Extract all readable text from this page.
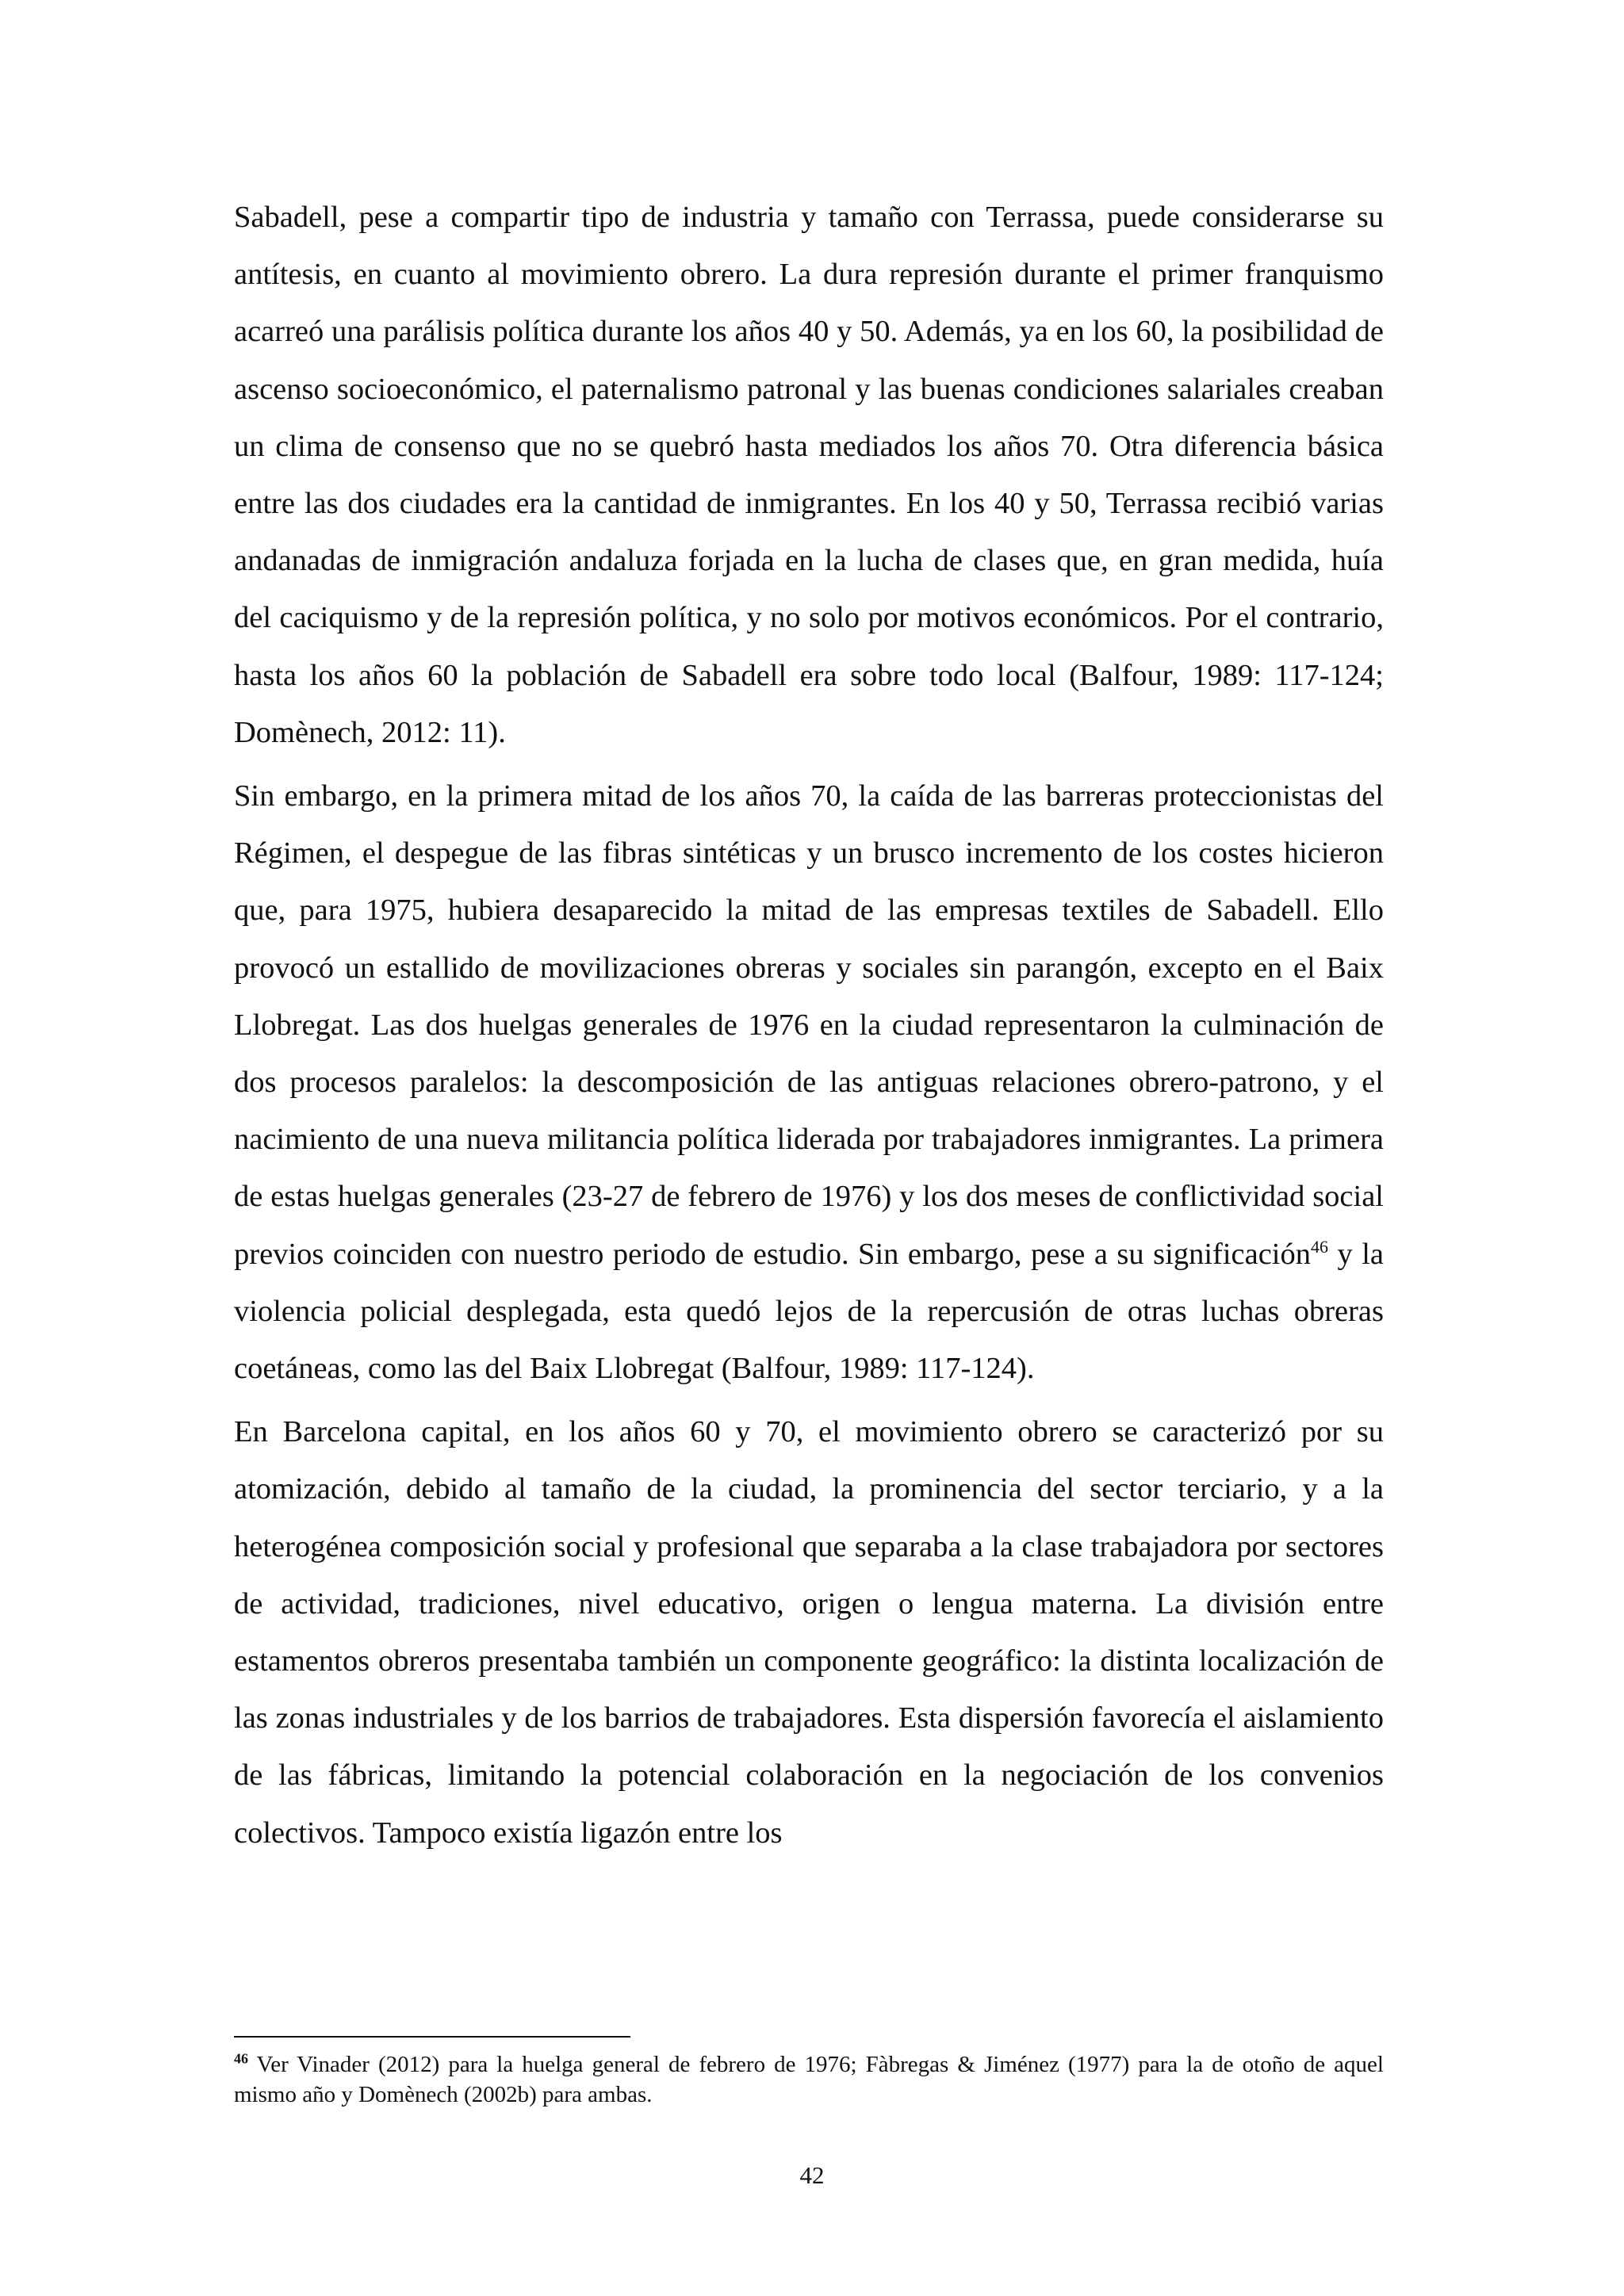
Sabadell, pese a compartir tipo de industria y tamaño con Terrassa, puede considerarse su antítesis, en cuanto al movimiento obrero. La dura represión durante el primer franquismo acarreó una parálisis política durante los años 40 y 50. Además, ya en los 60, la posibilidad de ascenso socioeconómico, el paternalismo patronal y las buenas condiciones salariales creaban un clima de consenso que no se quebró hasta mediados los años 70. Otra diferencia básica entre las dos ciudades era la cantidad de inmigrantes. En los 40 y 50, Terrassa recibió varias andanadas de inmigración andaluza forjada en la lucha de clases que, en gran medida, huía del caciquismo y de la represión política, y no solo por motivos económicos. Por el contrario, hasta los años 60 la población de Sabadell era sobre todo local (Balfour, 1989: 117-124; Domènech, 2012: 11).

Sin embargo, en la primera mitad de los años 70, la caída de las barreras proteccionistas del Régimen, el despegue de las fibras sintéticas y un brusco incremento de los costes hicieron que, para 1975, hubiera desaparecido la mitad de las empresas textiles de Sabadell. Ello provocó un estallido de movilizaciones obreras y sociales sin parangón, excepto en el Baix Llobregat. Las dos huelgas generales de 1976 en la ciudad representaron la culminación de dos procesos paralelos: la descomposición de las antiguas relaciones obrero-patrono, y el nacimiento de una nueva militancia política liderada por trabajadores inmigrantes. La primera de estas huelgas generales (23-27 de febrero de 1976) y los dos meses de conflictividad social previos coinciden con nuestro periodo de estudio. Sin embargo, pese a su significación$^{46}$ y la violencia policial desplegada, esta quedó lejos de la repercusión de otras luchas obreras coetáneas, como las del Baix Llobregat (Balfour, 1989: 117-124).

En Barcelona capital, en los años 60 y 70, el movimiento obrero se caracterizó por su atomización, debido al tamaño de la ciudad, la prominencia del sector terciario, y a la heterogénea composición social y profesional que separaba a la clase trabajadora por sectores de actividad, tradiciones, nivel educativo, origen o lengua materna. La división entre estamentos obreros presentaba también un componente geográfico: la distinta localización de las zonas industriales y de los barrios de trabajadores. Esta dispersión favorecía el aislamiento de las fábricas, limitando la potencial colaboración en la negociación de los convenios colectivos. Tampoco existía ligazón entre los

$^{46}$ Ver Vinader (2012) para la huelga general de febrero de 1976; Fàbregas & Jiménez (1977) para la de otoño de aquel mismo año y Domènech (2002b) para ambas.

42
